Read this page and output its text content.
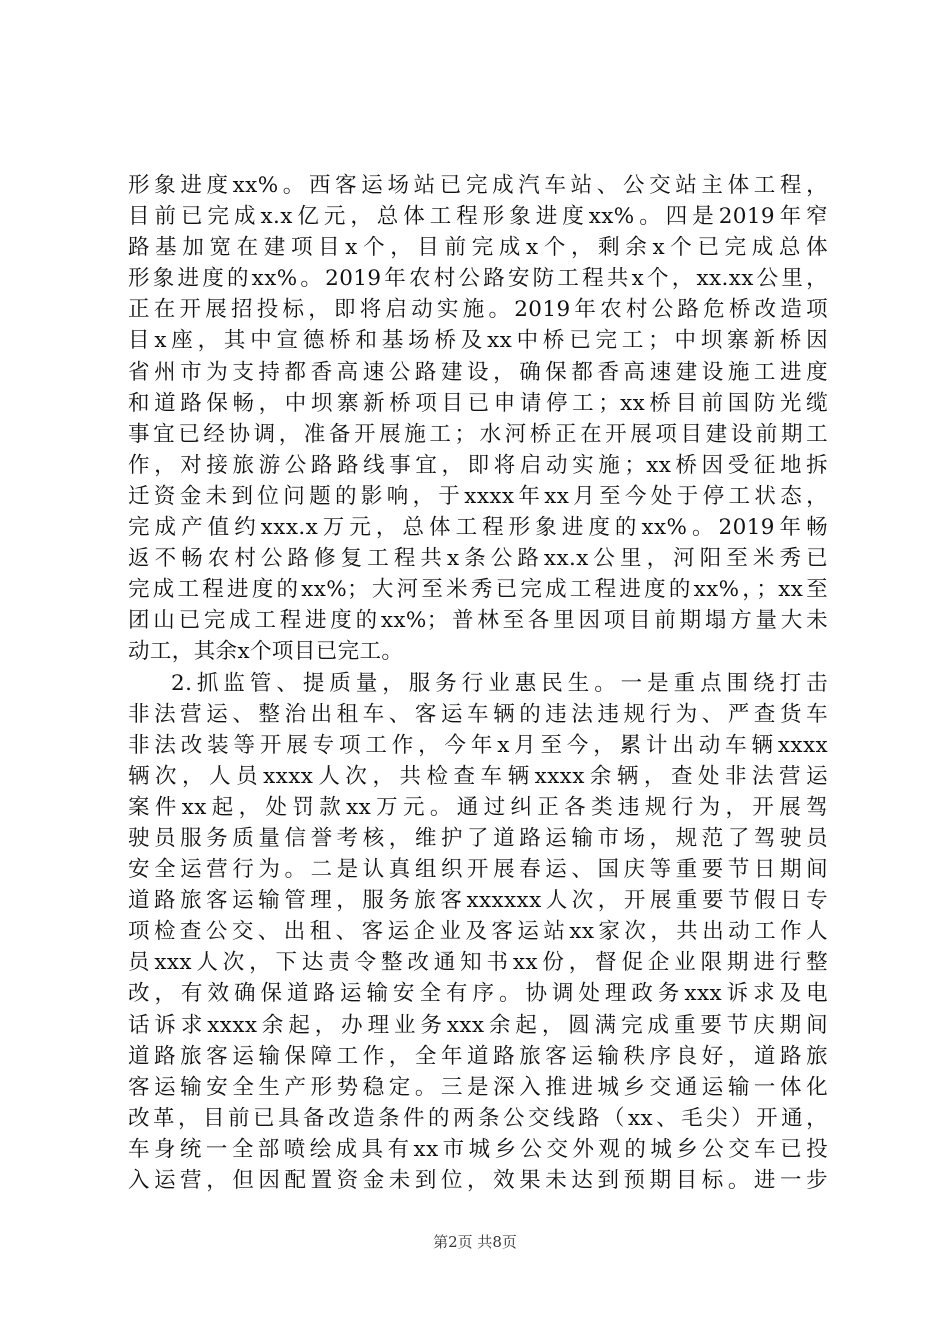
形象进度xx%。西客运场站已完成汽车站、公交站主体工程，
目前已完成x.x亿元，总体工程形象进度xx%。四是2019年窄
路基加宽在建项目x个，目前完成x个，剩余x个已完成总体
形象进度的xx%。2019年农村公路安防工程共x个，xx.xx公里，
正在开展招投标，即将启动实施。2019年农村公路危桥改造项
目x座，其中宣德桥和基场桥及xx中桥已完工；中坝寨新桥因
省州市为支持都香高速公路建设，确保都香高速建设施工进度
和道路保畅，中坝寨新桥项目已申请停工；xx桥目前国防光缆
事宜已经协调，准备开展施工；水河桥正在开展项目建设前期工
作，对接旅游公路路线事宜，即将启动实施；xx桥因受征地拆
迁资金未到位问题的影响，于xxxx年xx月至今处于停工状态，
完成产值约xxx.x万元，总体工程形象进度的xx%。2019年畅
返不畅农村公路修复工程共x条公路xx.x公里，河阳至米秀已
完成工程进度的xx%；大河至米秀已完成工程进度的xx%，；xx至
团山已完成工程进度的xx%；普林至各里因项目前期塌方量大未
动工，其余x个项目已完工。
2.抓监管、提质量，服务行业惠民生。一是重点围绕打击
非法营运、整治出租车、客运车辆的违法违规行为、严查货车
非法改装等开展专项工作，今年x月至今，累计出动车辆xxxx
辆次，人员xxxx人次，共检查车辆xxxx余辆，查处非法营运
案件xx起，处罚款xx万元。通过纠正各类违规行为，开展驾
驶员服务质量信誉考核，维护了道路运输市场，规范了驾驶员
安全运营行为。二是认真组织开展春运、国庆等重要节日期间
道路旅客运输管理，服务旅客xxxxxx人次，开展重要节假日专
项检查公交、出租、客运企业及客运站xx家次，共出动工作人
员xxx人次，下达责令整改通知书xx份，督促企业限期进行整
改，有效确保道路运输安全有序。协调处理政务xxx诉求及电
话诉求xxxx余起，办理业务xxx余起，圆满完成重要节庆期间
道路旅客运输保障工作，全年道路旅客运输秩序良好，道路旅
客运输安全生产形势稳定。三是深入推进城乡交通运输一体化
改革，目前已具备改造条件的两条公交线路（xx、毛尖）开通，
车身统一全部喷绘成具有xx市城乡公交外观的城乡公交车已投
入运营，但因配置资金未到位，效果未达到预期目标。进一步
第2页 共8页
